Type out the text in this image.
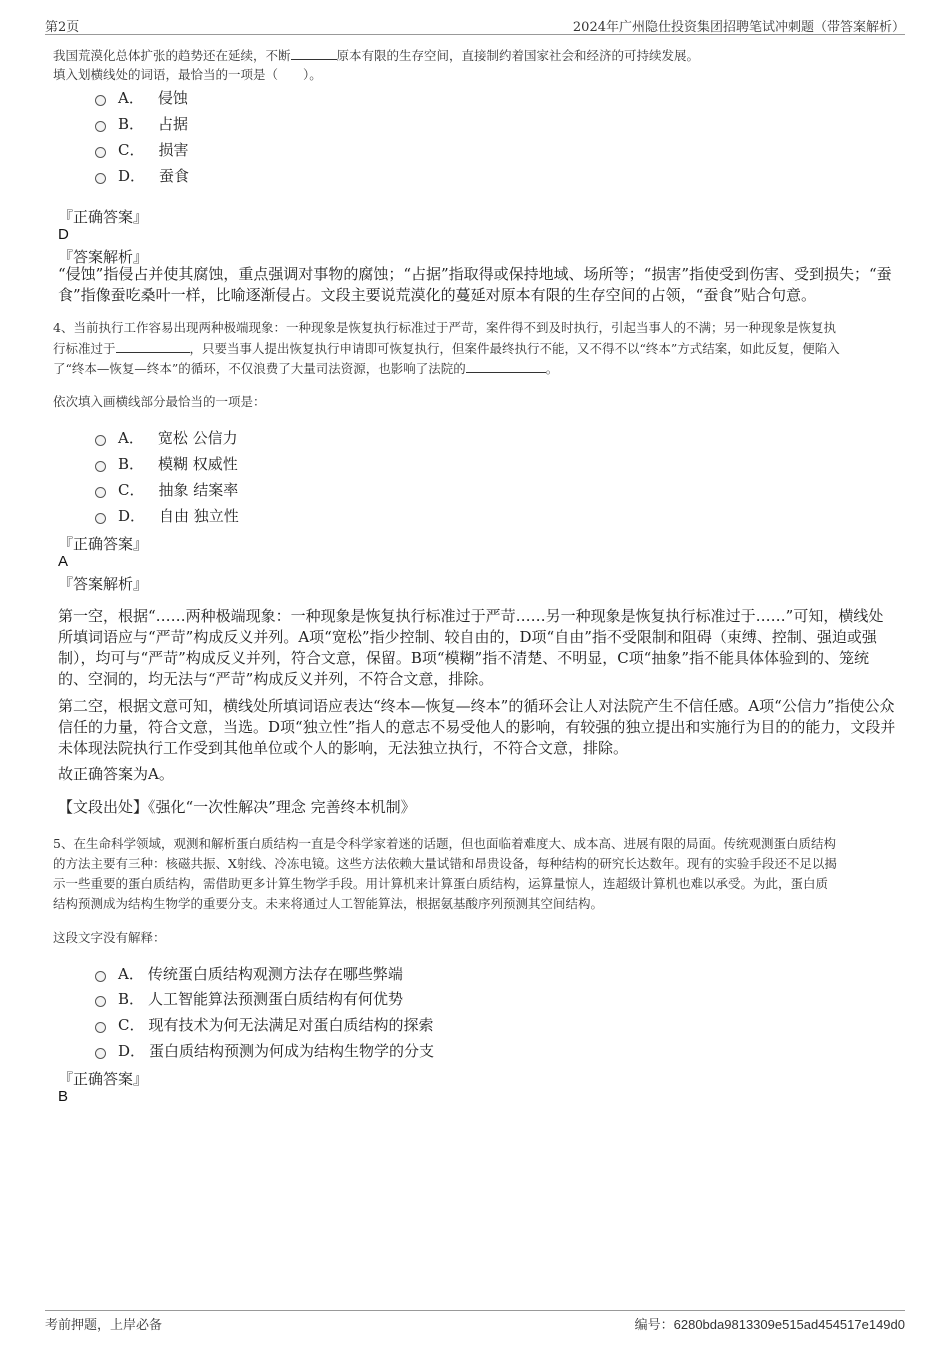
第2页	2024年广州隐仕投资集团招聘笔试冲刺题（带答案解析）
我国荒漠化总体扩张的趋势还在延续，不断	原本有限的生存空间，直接制约着国家社会和经济的可持续发展。
填入划横线处的词语，最恰当的一项是（　　）。
A． 侵蚀
B． 占据
C． 损害
D． 蚕食
『正确答案』
D
『答案解析』
“侵蚀”指侵占并使其腐蚀，重点强调对事物的腐蚀；“占据”指取得或保持地域、场所等；“损害”指使受到伤害、受到损失；“蚕食”指像蚕吃桑叶一样，比喻逐渐侵占。文段主要说荒漠化的蔓延对原本有限的生存空间的占领，“蚕食”贴合句意。
4、当前执行工作容易出现两种极端现象：一种现象是恢复执行标准过于严苛，案件得不到及时执行，引起当事人的不满；另一种现象是恢复执
行标准过于	，只要当事人提出恢复执行申请即可恢复执行，但案件最终执行不能，又不得不以“终本”方式结案，如此反复，便陷入
了“终本—恢复—终本”的循环，不仅浪费了大量司法资源，也影响了法院的	。
依次填入画横线部分最恰当的一项是：
A． 宽松 公信力
B． 模糊 权威性
C． 抽象 结案率
D． 自由 独立性
『正确答案』
A
『答案解析』
第一空，根据“……两种极端现象：一种现象是恢复执行标准过于严苛……另一种现象是恢复执行标准过于……”可知，横线处所填词语应与“严苛”构成反义并列。A项“宽松”指少控制、较自由的，D项“自由”指不受限制和阻碍（束缚、控制、强迫或强制），均可与“严苛”构成反义并列，符合文意，保留。B项“模糊”指不清楚、不明显，C项“抽象”指不能具体体验到的、笼统的、空洞的，均无法与“严苛”构成反义并列，不符合文意，排除。
第二空，根据文意可知，横线处所填词语应表达“终本—恢复—终本”的循环会让人对法院产生不信任感。A项“公信力”指使公众信任的力量，符合文意，当选。D项“独立性”指人的意志不易受他人的影响，有较强的独立提出和实施行为目的的能力，文段并未体现法院执行工作受到其他单位或个人的影响，无法独立执行，不符合文意，排除。
故正确答案为A。
【文段出处】《强化“一次性解决”理念 完善终本机制》
5、在生命科学领域，观测和解析蛋白质结构一直是令科学家着迷的话题，但也面临着难度大、成本高、进展有限的局面。传统观测蛋白质结构
的方法主要有三种：核磁共振、X射线、冷冻电镜。这些方法依赖大量试错和昂贵设备，每种结构的研究长达数年。现有的实验手段还不足以揭
示一些重要的蛋白质结构，需借助更多计算生物学手段。用计算机来计算蛋白质结构，运算量惊人，连超级计算机也难以承受。为此，蛋白质
结构预测成为结构生物学的重要分支。未来将通过人工智能算法，根据氨基酸序列预测其空间结构。
这段文字没有解释：
A． 传统蛋白质结构观测方法存在哪些弊端
B． 人工智能算法预测蛋白质结构有何优势
C． 现有技术为何无法满足对蛋白质结构的探索
D． 蛋白质结构预测为何成为结构生物学的分支
『正确答案』
B
考前押题，上岸必备	编号：6280bda9813309e515ad454517e149d0
